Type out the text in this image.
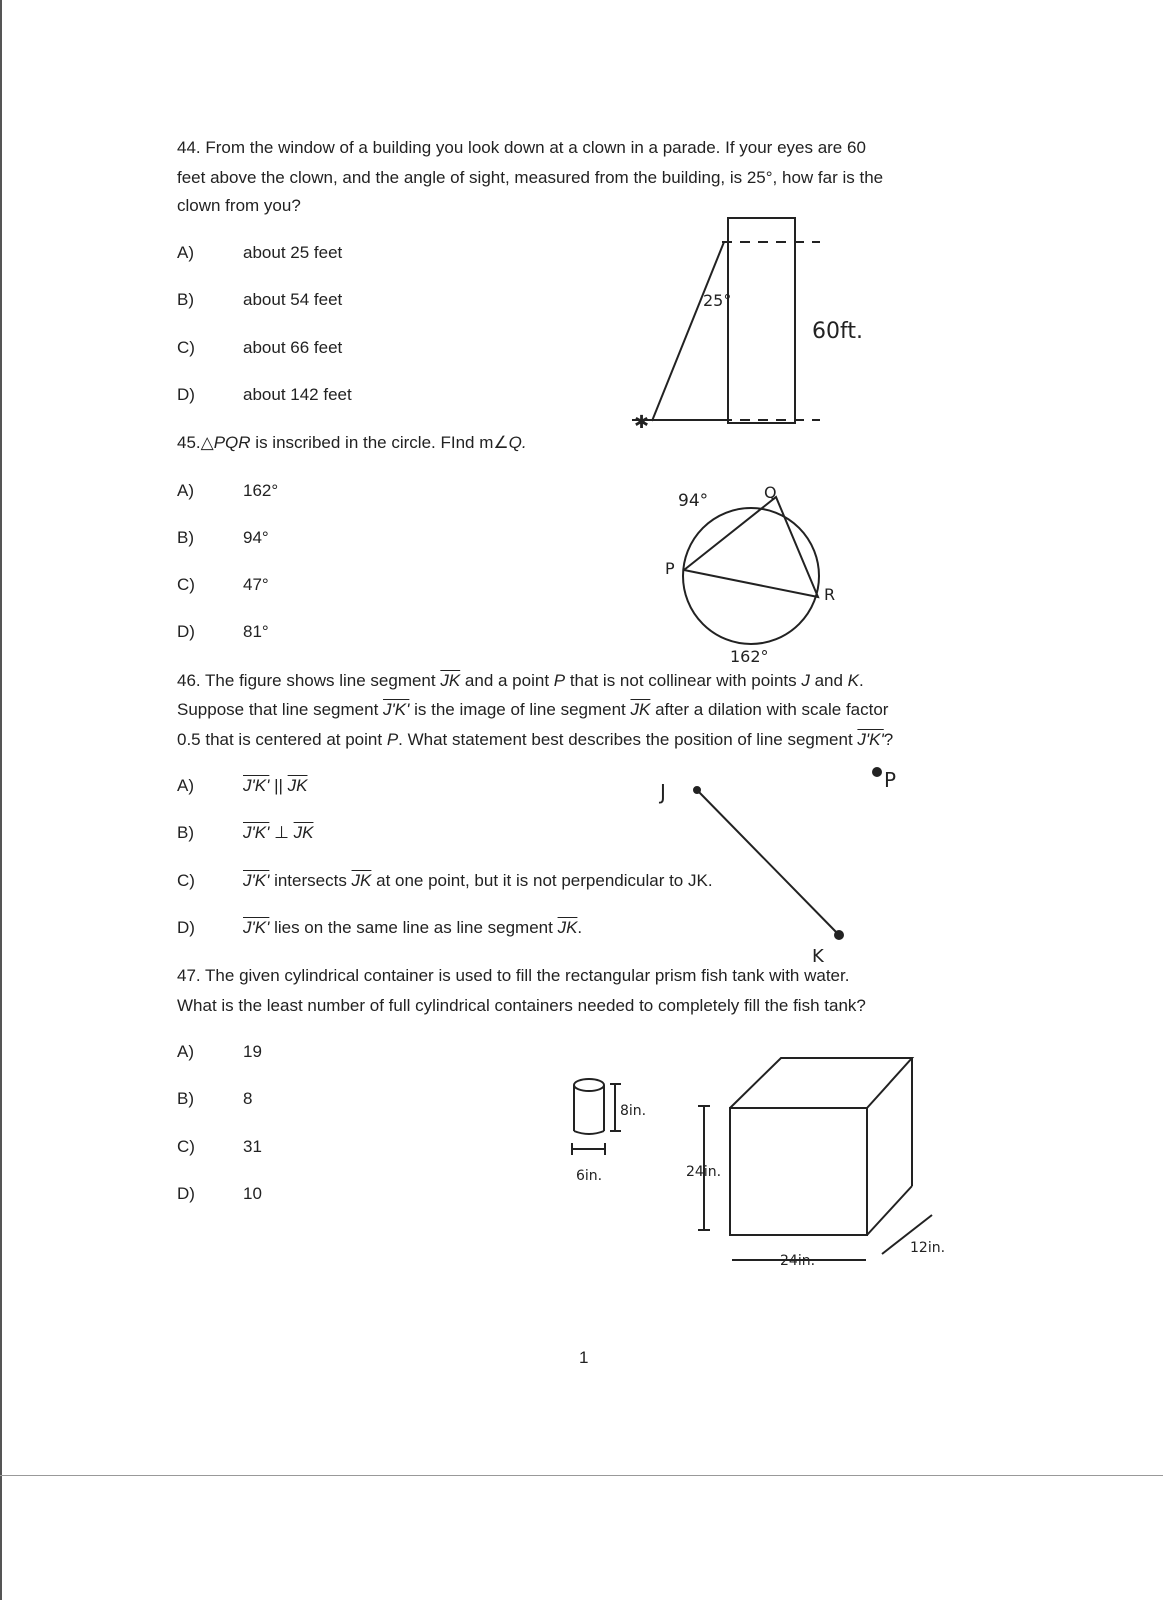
44. From the window of a building you look down at a clown in a parade. If your eyes are 60
feet above the clown, and the angle of sight, measured from the building, is 25°, how far is the
clown from you?
A)	about 25 feet
B)	about 54 feet
C)	about 66 feet
D)	about 142 feet
45.△PQR is inscribed in the circle. FInd m∠Q.
A)	162°
B)	94°
C)	47°
D)	81°
46. The figure shows line segment $\overline{JK}$ and a point P that is not collinear with points J and K.
Suppose that line segment J'K' is the image of line segment $\overline{JK}$ after a dilation with scale factor
0.5 that is centered at point P. What statement best describes the position of line segment J'K'?
A)	J'K' || $\overline{JK}$
B)	J'K' ⊥ $\overline{JK}$
C)	J'K' intersects $\overline{JK}$ at one point, but it is not perpendicular to JK.
D)	J'K' lies on the same line as line segment $\overline{JK}$.
47. The given cylindrical container is used to fill the rectangular prism fish tank with water.
What is the least number of full cylindrical containers needed to completely fill the fish tank?
A)	19
B)	8
C)	31
D)	10
25°
60ft.
✱
94°	Q
P
R
162°
J
K
P
8in.
6in.	24in.
24in.
12in.
1
